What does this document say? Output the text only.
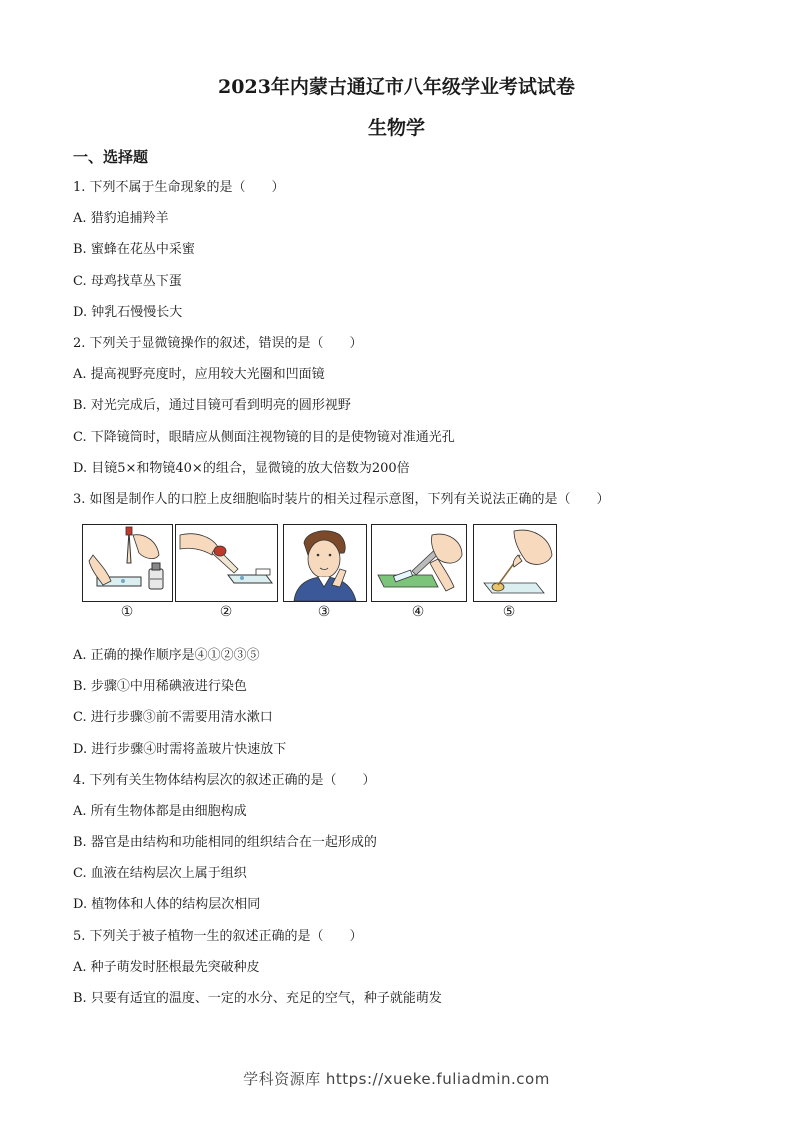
2023年内蒙古通辽市八年级学业考试试卷
生物学
一、选择题
1. 下列不属于生命现象的是（　　）
A. 猎豹追捕羚羊
B. 蜜蜂在花丛中采蜜
C. 母鸡找草丛下蛋
D. 钟乳石慢慢长大
2. 下列关于显微镜操作的叙述，错误的是（　　）
A. 提高视野亮度时，应用较大光圈和凹面镜
B. 对光完成后，通过目镜可看到明亮的圆形视野
C. 下降镜筒时，眼睛应从侧面注视物镜的目的是使物镜对准通光孔
D. 目镜5×和物镜40×的组合，显微镜的放大倍数为200倍
3. 如图是制作人的口腔上皮细胞临时装片的相关过程示意图，下列有关说法正确的是（　　）
①	②	③	④	⑤
A. 正确的操作顺序是④①②③⑤
B. 步骤①中用稀碘液进行染色
C. 进行步骤③前不需要用清水漱口
D. 进行步骤④时需将盖玻片快速放下
4. 下列有关生物体结构层次的叙述正确的是（　　）
A. 所有生物体都是由细胞构成
B. 器官是由结构和功能相同的组织结合在一起形成的
C. 血液在结构层次上属于组织
D. 植物体和人体的结构层次相同
5. 下列关于被子植物一生的叙述正确的是（　　）
A. 种子萌发时胚根最先突破种皮
B. 只要有适宜的温度、一定的水分、充足的空气，种子就能萌发
学科资源库 https://xueke.fuliadmin.com
